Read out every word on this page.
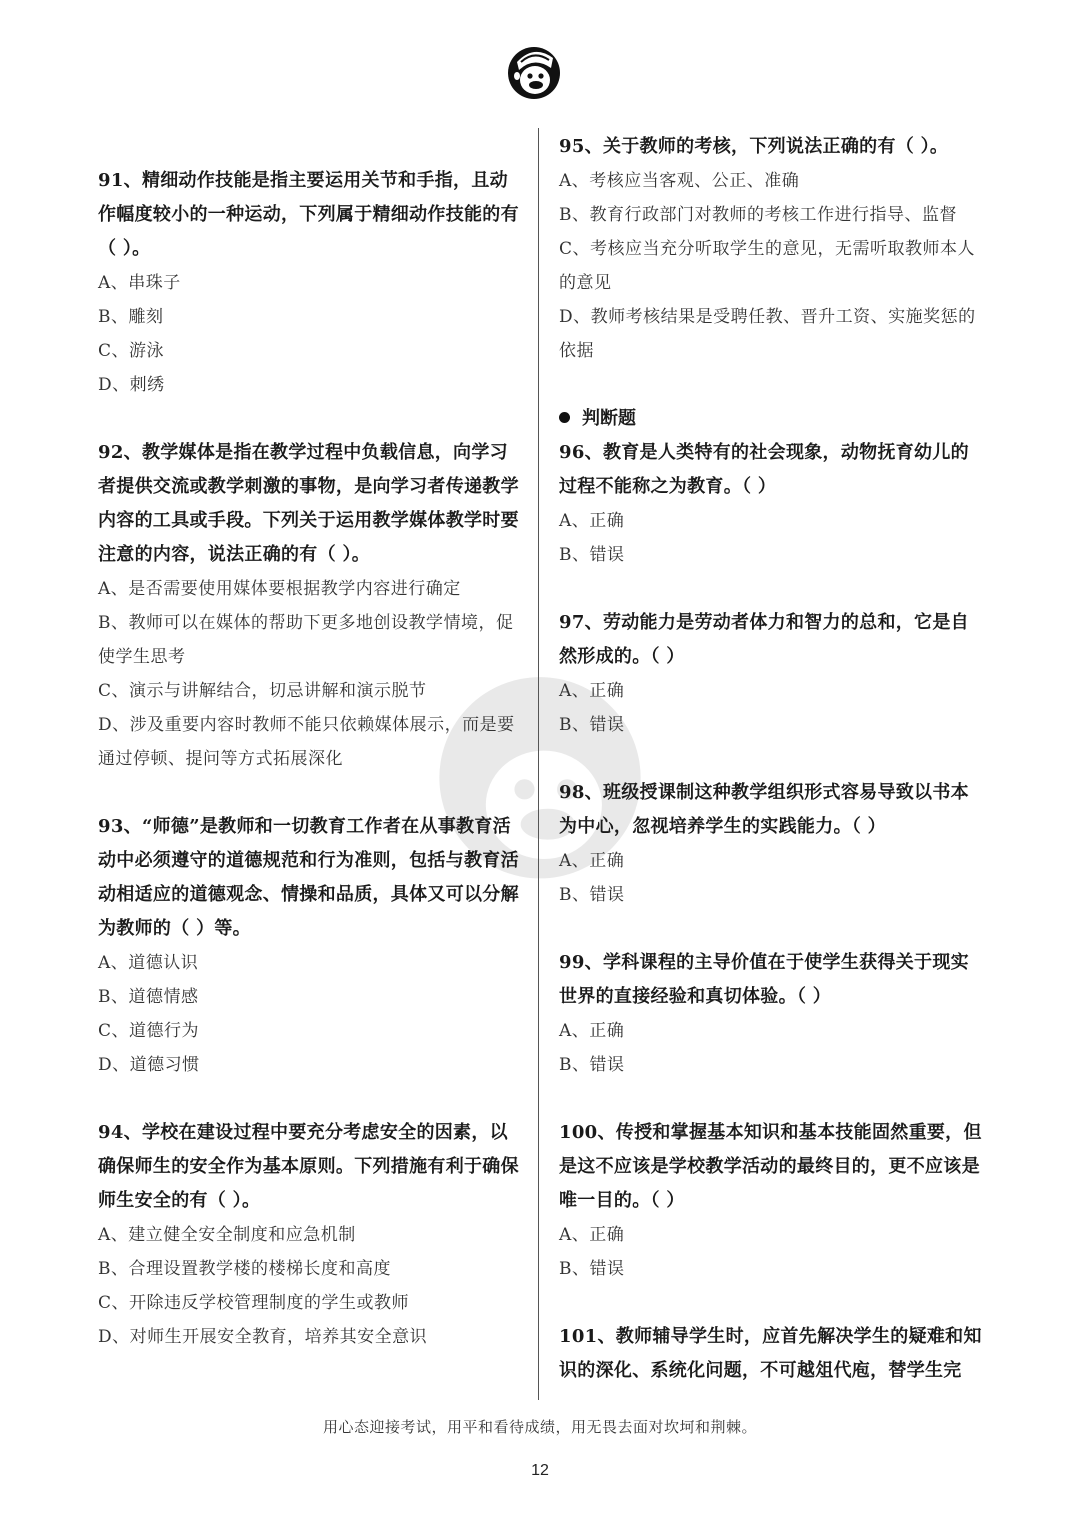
91、精细动作技能是指主要运用关节和手指，且动作幅度较小的一种运动，下列属于精细动作技能的有（ ）。
A、串珠子
B、雕刻
C、游泳
D、刺绣
92、教学媒体是指在教学过程中负载信息，向学习者提供交流或教学刺激的事物，是向学习者传递教学内容的工具或手段。下列关于运用教学媒体教学时要注意的内容，说法正确的有（ ）。
A、是否需要使用媒体要根据教学内容进行确定
B、教师可以在媒体的帮助下更多地创设教学情境，促使学生思考
C、演示与讲解结合，切忌讲解和演示脱节
D、涉及重要内容时教师不能只依赖媒体展示，而是要通过停顿、提问等方式拓展深化
93、“师德”是教师和一切教育工作者在从事教育活动中必须遵守的道德规范和行为准则，包括与教育活动相适应的道德观念、情操和品质，具体又可以分解为教师的（ ）等。
A、道德认识
B、道德情感
C、道德行为
D、道德习惯
94、学校在建设过程中要充分考虑安全的因素，以确保师生的安全作为基本原则。下列措施有利于确保师生安全的有（ ）。
A、建立健全安全制度和应急机制
B、合理设置教学楼的楼梯长度和高度
C、开除违反学校管理制度的学生或教师
D、对师生开展安全教育，培养其安全意识
95、关于教师的考核，下列说法正确的有（ ）。
A、考核应当客观、公正、准确
B、教育行政部门对教师的考核工作进行指导、监督
C、考核应当充分听取学生的意见，无需听取教师本人的意见
D、教师考核结果是受聘任教、晋升工资、实施奖惩的依据
判断题
96、教育是人类特有的社会现象，动物抚育幼儿的过程不能称之为教育。（ ）
A、正确
B、错误
97、劳动能力是劳动者体力和智力的总和，它是自然形成的。（ ）
A、正确
B、错误
98、班级授课制这种教学组织形式容易导致以书本为中心，忽视培养学生的实践能力。（ ）
A、正确
B、错误
99、学科课程的主导价值在于使学生获得关于现实世界的直接经验和真切体验。（ ）
A、正确
B、错误
100、传授和掌握基本知识和基本技能固然重要，但是这不应该是学校教学活动的最终目的，更不应该是唯一目的。（ ）
A、正确
B、错误
101、教师辅导学生时，应首先解决学生的疑难和知识的深化、系统化问题，不可越俎代庖，替学生完
用心态迎接考试，用平和看待成绩，用无畏去面对坎坷和荆棘。
12
